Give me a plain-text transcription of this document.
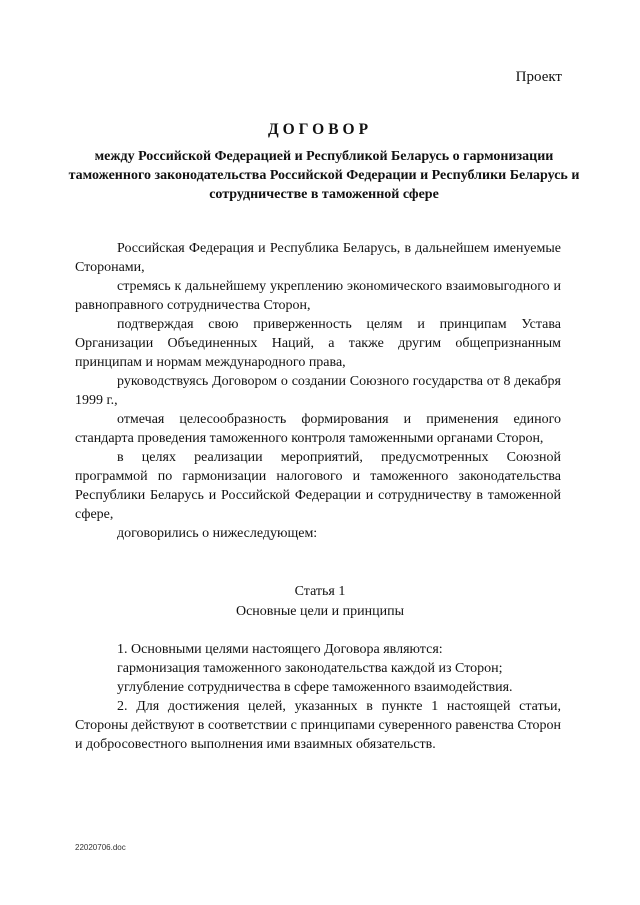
Проект
ДОГОВОР
между Российской Федерацией и Республикой Беларусь о гармонизации таможенного законодательства Российской Федерации и Республики Беларусь и сотрудничестве в таможенной сфере

Российская Федерация и Республика Беларусь, в дальнейшем именуемые Сторонами,

стремясь к дальнейшему укреплению экономического взаимовыгодного и равноправного сотрудничества Сторон,

подтверждая свою приверженность целям и принципам Устава Организации Объединенных Наций, а также другим общепризнанным принципам и нормам международного права,

руководствуясь Договором о создании Союзного государства от 8 декабря 1999 г.,

отмечая целесообразность формирования и применения единого стандарта проведения таможенного контроля таможенными органами Сторон,

в целях реализации мероприятий, предусмотренных Союзной программой по гармонизации налогового и таможенного законодательства Республики Беларусь и Российской Федерации и сотрудничеству в таможенной сфере,

договорились о нижеследующем:

Статья 1
Основные цели и принципы

1. Основными целями настоящего Договора являются:

гармонизация таможенного законодательства каждой из Сторон;

углубление сотрудничества в сфере таможенного взаимодействия.

2. Для достижения целей, указанных в пункте 1 настоящей статьи, Стороны действуют в соответствии с принципами суверенного равенства Сторон и добросовестного выполнения ими взаимных обязательств.

22020706.doc
